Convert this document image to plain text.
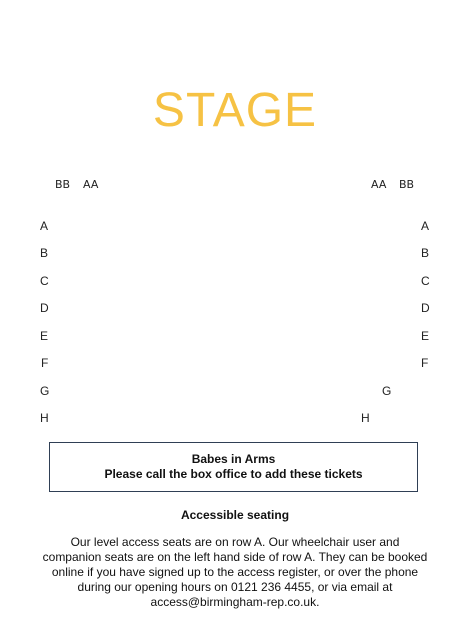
STAGE
BB AA	AA BB
A
B
C
D
E
F
G
H
A
B
C
D
E
F
G
H
Babes in Arms
Please call the box office to add these tickets
Accessible seating
Our level access seats are on row A. Our wheelchair user and companion seats are on the left hand side of row A. They can be booked online if you have signed up to the access register, or over the phone during our opening hours on 0121 236 4455, or via email at access@birmingham-rep.co.uk.
